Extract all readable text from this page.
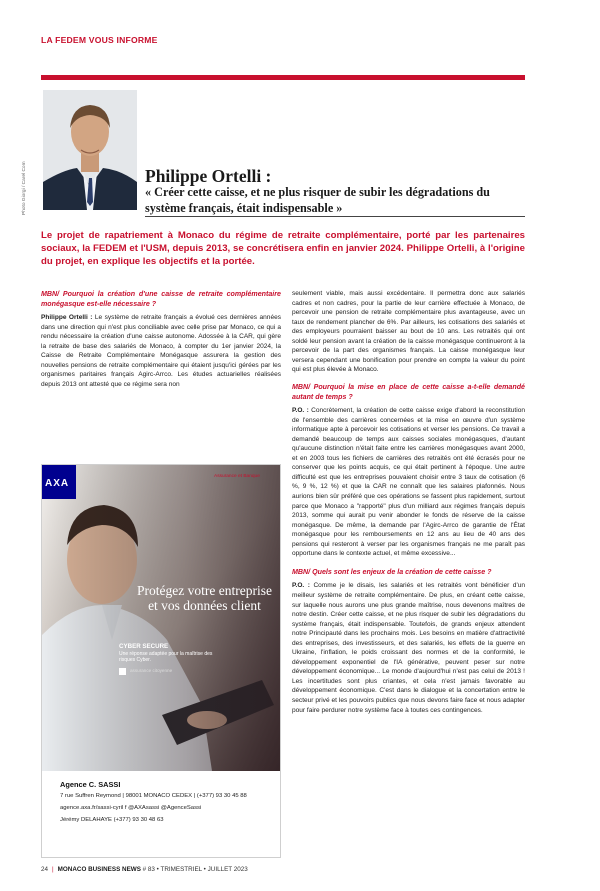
LA FEDEM VOUS INFORME
Photo Giorgi / Carel Com	Philippe Ortelli :
« Créer cette caisse, et ne plus risquer de subir les dégradations du système français, était indispensable »
Le projet de rapatriement à Monaco du régime de retraite complémentaire, porté par les partenaires sociaux, la FEDEM et l'USM, depuis 2013, se concrétisera enfin en janvier 2024. Philippe Ortelli, à l'origine du projet, en explique les objectifs et la portée.
MBN/ Pourquoi la création d'une caisse de retraite complémentaire monégasque est-elle nécessaire ?

Philippe Ortelli : Le système de retraite français a évolué ces dernières années dans une direction qui n'est plus conciliable avec celle prise par Monaco, ce qui a rendu nécessaire la création d'une caisse autonome. Adossée à la CAR, qui gère la retraite de base des salariés de Monaco, à compter du 1er janvier 2024, la Caisse de Retraite Complémentaire Monégasque assurera la gestion des nouvelles pensions de retraite complémentaire qui étaient jusqu'ici gérées par les organismes paritaires français Agirc-Arrco. Les études actuarielles réalisées depuis 2013 ont attesté que ce régime sera non

seulement viable, mais aussi excédentaire. Il permettra donc aux salariés cadres et non cadres, pour la partie de leur carrière effectuée à Monaco, de percevoir une pension de retraite complémentaire plus avantageuse, avec un taux de rendement plancher de 6%. Par ailleurs, les cotisations des salariés et des employeurs pourraient baisser au bout de 10 ans. Les retraités qui ont soldé leur pension avant la création de la caisse monégasque continueront à la percevoir de la part des organismes français. La caisse monégasque leur versera cependant une bonification pour prendre en compte la valeur du point qui est plus élevée à Monaco.

MBN/ Pourquoi la mise en place de cette caisse a-t-elle demandé autant de temps ?

P.O. : Concrètement, la création de cette caisse exige d'abord la reconstitution de l'ensemble des carrières concernées et la mise en œuvre d'un système informatique apte à percevoir les cotisations et verser les pensions. Ce travail a demandé beaucoup de temps aux caisses sociales monégasques, d'autant qu'aucune distinction n'était faite entre les carrières monégasques avant 2000, et en 2003 tous les fichiers de carrières des retraités ont été écrasés pour ne conserver que les points acquis, ce qui était pertinent à l'époque. Une autre difficulté est que les entreprises pouvaient choisir entre 3 taux de cotisation (6 %, 9 %, 12 %) et que la CAR ne connaît que les salaires plafonnés. Nous aurions bien sûr préféré que ces opérations se fassent plus rapidement, surtout parce que Monaco a "rapporté" plus d'un milliard aux régimes français depuis 2013, somme qui aurait pu venir abonder le fonds de réserve de la caisse monégasque. De même, la demande par l'Agirc-Arrco de garantie de l'État monégasque pour les remboursements en 12 ans au lieu de 40 ans des pensions qui resteront à verser par les organismes français ne me paraît pas opportune dans le contexte actuel, et même excessive...

MBN/ Quels sont les enjeux de la création de cette caisse ?

P.O. : Comme je le disais, les salariés et les retraités vont bénéficier d'un meilleur système de retraite complémentaire. De plus, en créant cette caisse, sur laquelle nous aurons une plus grande maîtrise, nous devenons maîtres de notre destin. Créer cette caisse, et ne plus risquer de subir les dégradations du système français, était indispensable. Toutefois, de grands enjeux attendent notre Principauté dans les prochains mois. Les besoins en matière d'attractivité des entreprises, des investisseurs, et des salariés, les effets de la guerre en Ukraine, l'inflation, le poids croissant des normes et de la conformité, le développement exponentiel de l'IA générative, peuvent peser sur notre développement économique... Le monde d'aujourd'hui n'est pas celui de 2013 ! Les incertitudes sont plus criantes, et cela n'est jamais favorable au développement économique. C'est dans le dialogue et la concertation entre le secteur privé et les pouvoirs publics que nous devons faire face et nous adapter pour faire perdurer notre système face à toutes ces contingences.

AXA
Assurance et Banque
Protégez votre entreprise et vos données client
CYBER SECURE
Une réponse adaptée pour la maîtrise des risques Cyber.
assurance citoyenne
Agence C. SASSI
7 rue Suffren Reymond | 98001 MONACO CEDEX | (+377) 93 30 45 88
agence.axa.fr/sassi-cyril f @AXAsassi @AgenceSassi
Jérémy DELAHAYE (+377) 93 30 48 63
24 | MONACO BUSINESS NEWS # 83 • TRIMESTRIEL • JUILLET 2023
